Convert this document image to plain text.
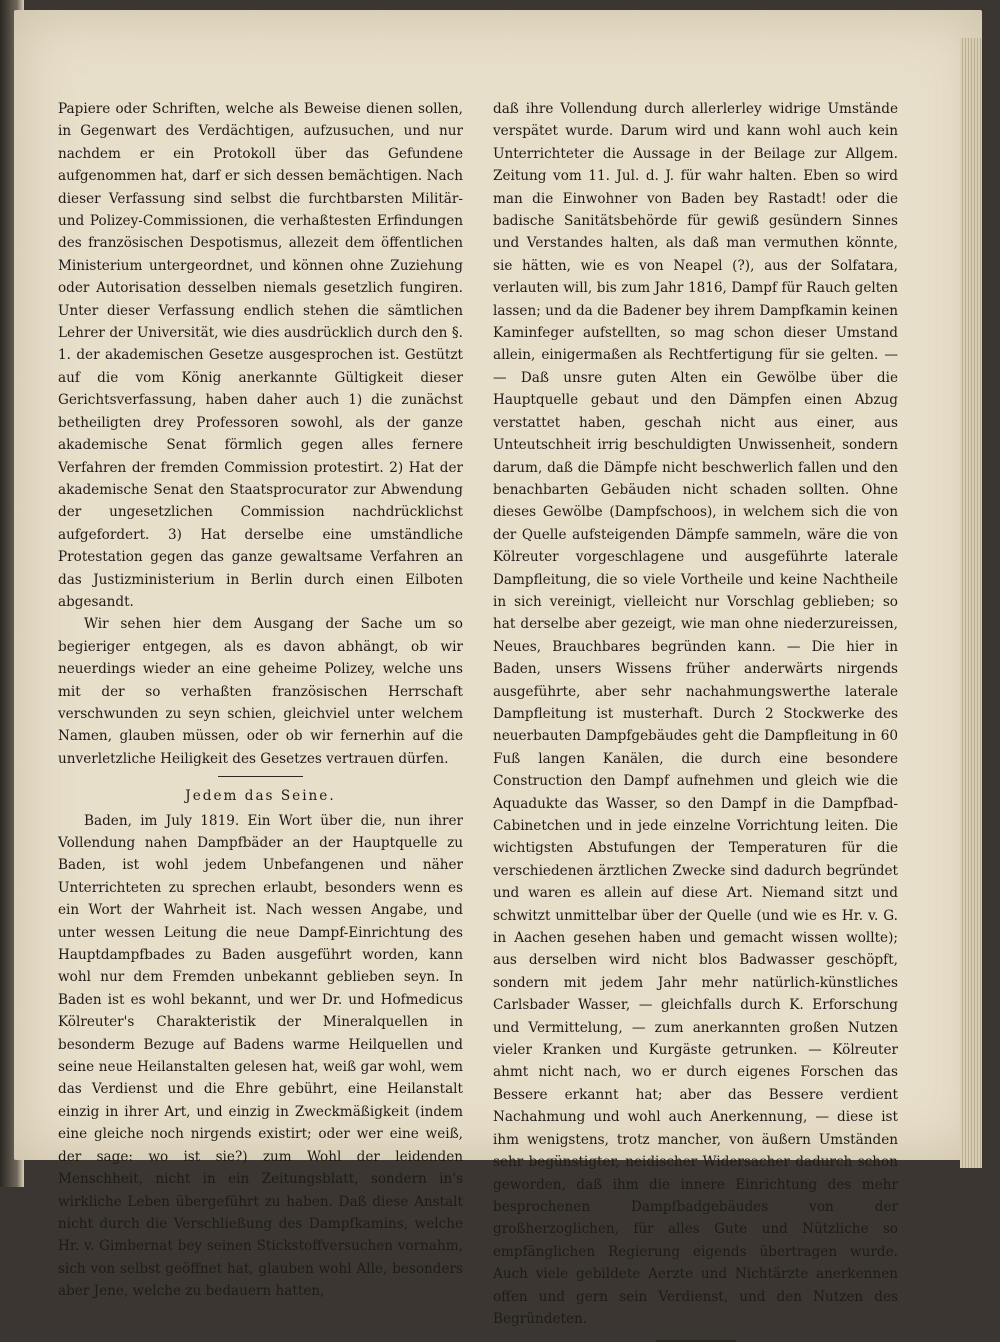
Papiere oder Schriften, welche als Beweise dienen sollen, in Gegenwart des Verdächtigen, aufzusuchen, und nur nachdem er ein Protokoll über das Gefundene aufgenommen hat, darf er sich dessen bemächtigen. Nach dieser Verfassung sind selbst die furchtbarsten Militär- und Polizey-Commissionen, die verhaßtesten Erfindungen des französischen Despotismus, allezeit dem öffentlichen Ministerium untergeordnet, und können ohne Zuziehung oder Autorisation desselben niemals gesetzlich fungiren. Unter dieser Verfassung endlich stehen die sämtlichen Lehrer der Universität, wie dies ausdrücklich durch den §. 1. der akademischen Gesetze ausgesprochen ist. Gestützt auf die vom König anerkannte Gültigkeit dieser Gerichtsverfassung, haben daher auch 1) die zunächst betheiligten drey Professoren sowohl, als der ganze akademische Senat förmlich gegen alles fernere Verfahren der fremden Commission protestirt. 2) Hat der akademische Senat den Staatsprocurator zur Abwendung der ungesetzlichen Commission nachdrücklichst aufgefordert. 3) Hat derselbe eine umständliche Protestation gegen das ganze gewaltsame Verfahren an das Justizministerium in Berlin durch einen Eilboten abgesandt.

Wir sehen hier dem Ausgang der Sache um so begieriger entgegen, als es davon abhängt, ob wir neuerdings wieder an eine geheime Polizey, welche uns mit der so verhaßten französischen Herrschaft verschwunden zu seyn schien, gleichviel unter welchem Namen, glauben müssen, oder ob wir fernerhin auf die unverletzliche Heiligkeit des Gesetzes vertrauen dürfen.

Jedem das Seine.

Baden, im July 1819. Ein Wort über die, nun ihrer Vollendung nahen Dampfbäder an der Hauptquelle zu Baden, ist wohl jedem Unbefangenen und näher Unterrichteten zu sprechen erlaubt, besonders wenn es ein Wort der Wahrheit ist. Nach wessen Angabe, und unter wessen Leitung die neue Dampf-Einrichtung des Hauptdampfbades zu Baden ausgeführt worden, kann wohl nur dem Fremden unbekannt geblieben seyn. In Baden ist es wohl bekannt, und wer Dr. und Hofmedicus Kölreuter's Charakteristik der Mineralquellen in besonderm Bezuge auf Badens warme Heilquellen und seine neue Heilanstalten gelesen hat, weiß gar wohl, wem das Verdienst und die Ehre gebührt, eine Heilanstalt einzig in ihrer Art, und einzig in Zweckmäßigkeit (indem eine gleiche noch nirgends existirt; oder wer eine weiß, der sage: wo ist sie?) zum Wohl der leidenden Menschheit, nicht in ein Zeitungsblatt, sondern in's wirkliche Leben übergeführt zu haben. Daß diese Anstalt nicht durch die Verschließung des Dampfkamins, welche Hr. v. Gimbernat bey seinen Stickstoffversuchen vornahm, sich von selbst geöffnet hat, glauben wohl Alle, besonders aber Jene, welche zu bedauern hatten,

daß ihre Vollendung durch allerlerley widrige Umstände verspätet wurde. Darum wird und kann wohl auch kein Unterrichteter die Aussage in der Beilage zur Allgem. Zeitung vom 11. Jul. d. J. für wahr halten. Eben so wird man die Einwohner von Baden bey Rastadt! oder die badische Sanitätsbehörde für gewiß gesündern Sinnes und Verstandes halten, als daß man vermuthen könnte, sie hätten, wie es von Neapel (?), aus der Solfatara, verlauten will, bis zum Jahr 1816, Dampf für Rauch gelten lassen; und da die Badener bey ihrem Dampfkamin keinen Kaminfeger aufstellten, so mag schon dieser Umstand allein, einigermaßen als Rechtfertigung für sie gelten. — — Daß unsre guten Alten ein Gewölbe über die Hauptquelle gebaut und den Dämpfen einen Abzug verstattet haben, geschah nicht aus einer, aus Unteutschheit irrig beschuldigten Unwissenheit, sondern darum, daß die Dämpfe nicht beschwerlich fallen und den benachbarten Gebäuden nicht schaden sollten. Ohne dieses Gewölbe (Dampfschoos), in welchem sich die von der Quelle aufsteigenden Dämpfe sammeln, wäre die von Kölreuter vorgeschlagene und ausgeführte laterale Dampfleitung, die so viele Vortheile und keine Nachtheile in sich vereinigt, vielleicht nur Vorschlag geblieben; so hat derselbe aber gezeigt, wie man ohne niederzureissen, Neues, Brauchbares begründen kann. — Die hier in Baden, unsers Wissens früher anderwärts nirgends ausgeführte, aber sehr nachahmungswerthe laterale Dampfleitung ist musterhaft. Durch 2 Stockwerke des neuerbauten Dampfgebäudes geht die Dampfleitung in 60 Fuß langen Kanälen, die durch eine besondere Construction den Dampf aufnehmen und gleich wie die Aquadukte das Wasser, so den Dampf in die Dampfbad-Cabinetchen und in jede einzelne Vorrichtung leiten. Die wichtigsten Abstufungen der Temperaturen für die verschiedenen ärztlichen Zwecke sind dadurch begründet und waren es allein auf diese Art. Niemand sitzt und schwitzt unmittelbar über der Quelle (und wie es Hr. v. G. in Aachen gesehen haben und gemacht wissen wollte); aus derselben wird nicht blos Badwasser geschöpft, sondern mit jedem Jahr mehr natürlich-künstliches Carlsbader Wasser, — gleichfalls durch K. Erforschung und Vermittelung, — zum anerkannten großen Nutzen vieler Kranken und Kurgäste getrunken. — Kölreuter ahmt nicht nach, wo er durch eigenes Forschen das Bessere erkannt hat; aber das Bessere verdient Nachahmung und wohl auch Anerkennung, — diese ist ihm wenigstens, trotz mancher, von äußern Umständen sehr begünstigter, neidischer Widersacher dadurch schon geworden, daß ihm die innere Einrichtung des mehr besprochenen Dampfbadgebäudes von der großherzoglichen, für alles Gute und Nützliche so empfänglichen Regierung eigends übertragen wurde. Auch viele gebildete Aerzte und Nichtärzte anerkennen offen und gern sein Verdienst, und den Nutzen des Begründeten.
